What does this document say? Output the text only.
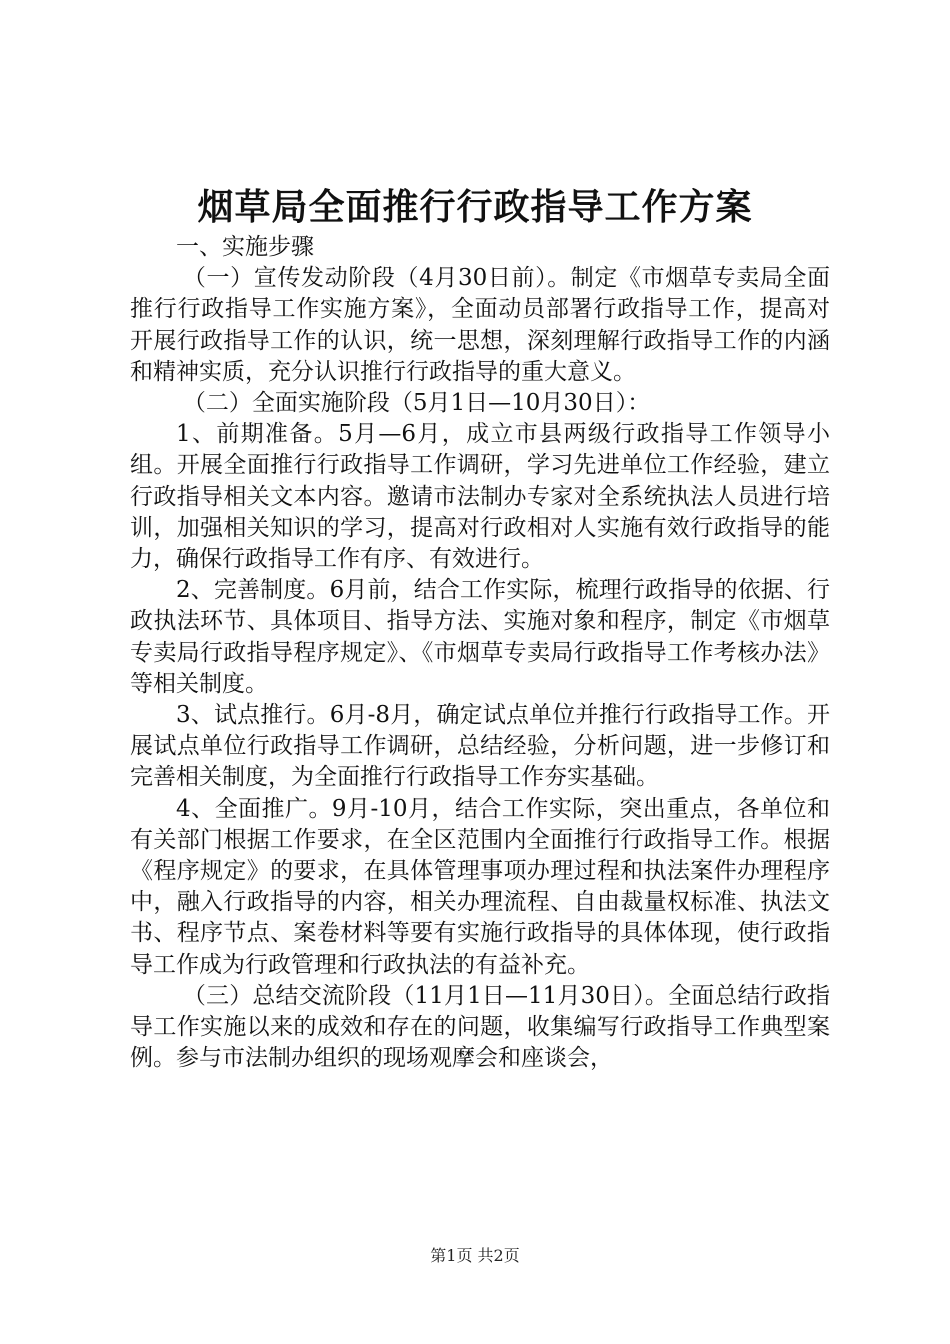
烟草局全面推行行政指导工作方案

一、实施步骤

（一）宣传发动阶段（4月30日前）。制定《市烟草专卖局全面推行行政指导工作实施方案》，全面动员部署行政指导工作，提高对开展行政指导工作的认识，统一思想，深刻理解行政指导工作的内涵和精神实质，充分认识推行行政指导的重大意义。

（二）全面实施阶段（5月1日—10月30日）：

1、前期准备。5月—6月，成立市县两级行政指导工作领导小组。开展全面推行行政指导工作调研，学习先进单位工作经验，建立行政指导相关文本内容。邀请市法制办专家对全系统执法人员进行培训，加强相关知识的学习，提高对行政相对人实施有效行政指导的能力，确保行政指导工作有序、有效进行。

2、完善制度。6月前，结合工作实际，梳理行政指导的依据、行政执法环节、具体项目、指导方法、实施对象和程序，制定《市烟草专卖局行政指导程序规定》、《市烟草专卖局行政指导工作考核办法》等相关制度。

3、试点推行。6月-8月，确定试点单位并推行行政指导工作。开展试点单位行政指导工作调研，总结经验，分析问题，进一步修订和完善相关制度，为全面推行行政指导工作夯实基础。

4、全面推广。9月-10月，结合工作实际，突出重点，各单位和有关部门根据工作要求，在全区范围内全面推行行政指导工作。根据《程序规定》的要求，在具体管理事项办理过程和执法案件办理程序中，融入行政指导的内容，相关办理流程、自由裁量权标准、执法文书、程序节点、案卷材料等要有实施行政指导的具体体现，使行政指导工作成为行政管理和行政执法的有益补充。

（三）总结交流阶段（11月1日—11月30日）。全面总结行政指导工作实施以来的成效和存在的问题，收集编写行政指导工作典型案例。参与市法制办组织的现场观摩会和座谈会，

第1页 共2页
